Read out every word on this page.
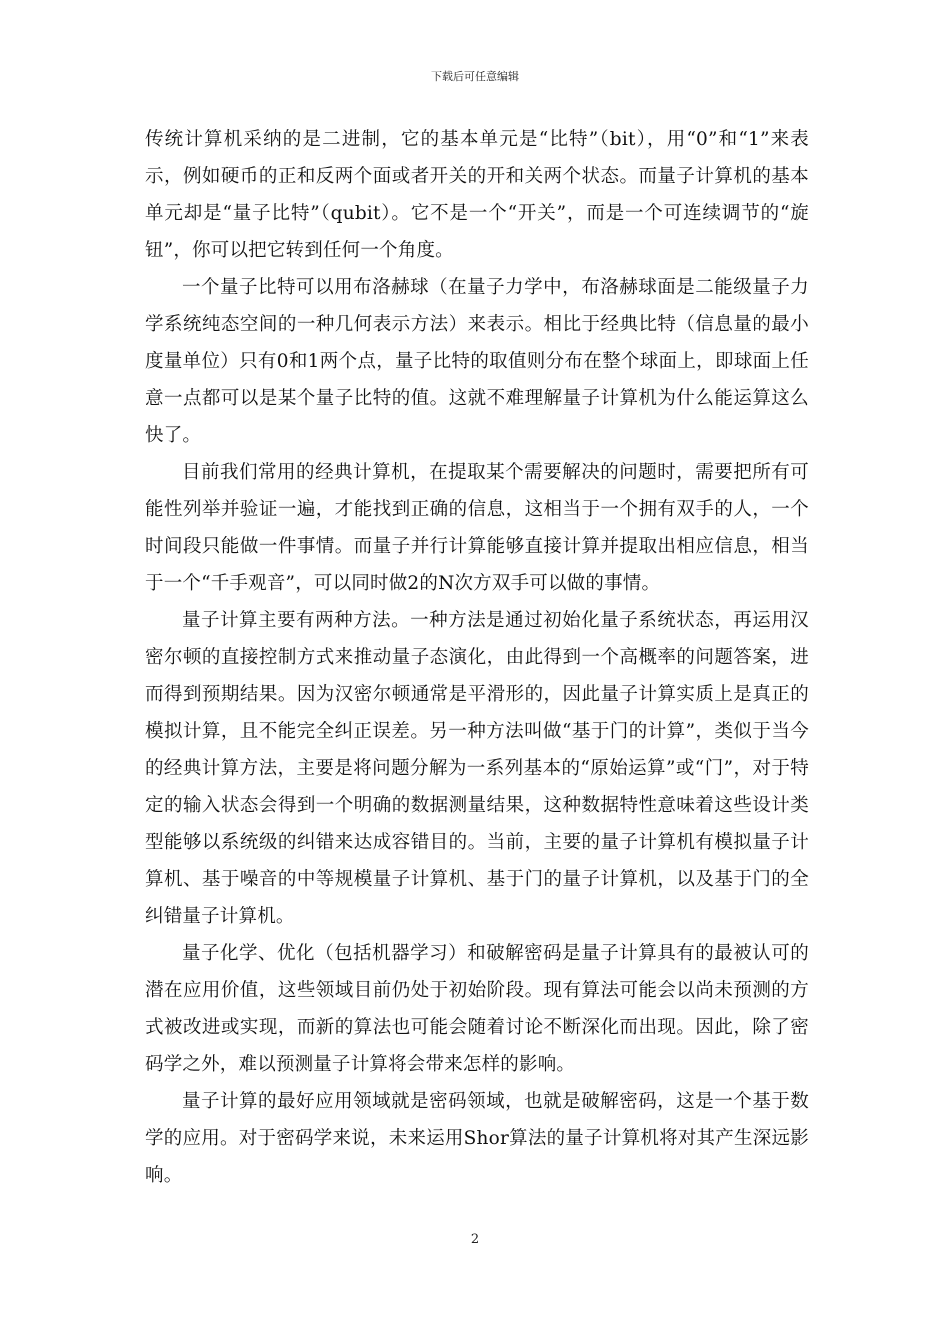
下载后可任意编辑

传统计算机采纳的是二进制，它的基本单元是“比特”（bit），用“0”和“1”来表示，例如硬币的正和反两个面或者开关的开和关两个状态。而量子计算机的基本单元却是“量子比特”（qubit）。它不是一个“开关”，而是一个可连续调节的“旋钮”，你可以把它转到任何一个角度。

一个量子比特可以用布洛赫球（在量子力学中，布洛赫球面是二能级量子力学系统纯态空间的一种几何表示方法）来表示。相比于经典比特（信息量的最小度量单位）只有0和1两个点，量子比特的取值则分布在整个球面上，即球面上任意一点都可以是某个量子比特的值。这就不难理解量子计算机为什么能运算这么快了。

目前我们常用的经典计算机，在提取某个需要解决的问题时，需要把所有可能性列举并验证一遍，才能找到正确的信息，这相当于一个拥有双手的人，一个时间段只能做一件事情。而量子并行计算能够直接计算并提取出相应信息，相当于一个“千手观音”，可以同时做2的N次方双手可以做的事情。

量子计算主要有两种方法。一种方法是通过初始化量子系统状态，再运用汉密尔顿的直接控制方式来推动量子态演化，由此得到一个高概率的问题答案，进而得到预期结果。因为汉密尔顿通常是平滑形的，因此量子计算实质上是真正的模拟计算，且不能完全纠正误差。另一种方法叫做“基于门的计算”，类似于当今的经典计算方法，主要是将问题分解为一系列基本的“原始运算”或“门”，对于特定的输入状态会得到一个明确的数据测量结果，这种数据特性意味着这些设计类型能够以系统级的纠错来达成容错目的。当前，主要的量子计算机有模拟量子计算机、基于噪音的中等规模量子计算机、基于门的量子计算机，以及基于门的全纠错量子计算机。

量子化学、优化（包括机器学习）和破解密码是量子计算具有的最被认可的潜在应用价值，这些领域目前仍处于初始阶段。现有算法可能会以尚未预测的方式被改进或实现，而新的算法也可能会随着讨论不断深化而出现。因此，除了密码学之外，难以预测量子计算将会带来怎样的影响。

量子计算的最好应用领域就是密码领域，也就是破解密码，这是一个基于数学的应用。对于密码学来说，未来运用Shor算法的量子计算机将对其产生深远影响。

2
